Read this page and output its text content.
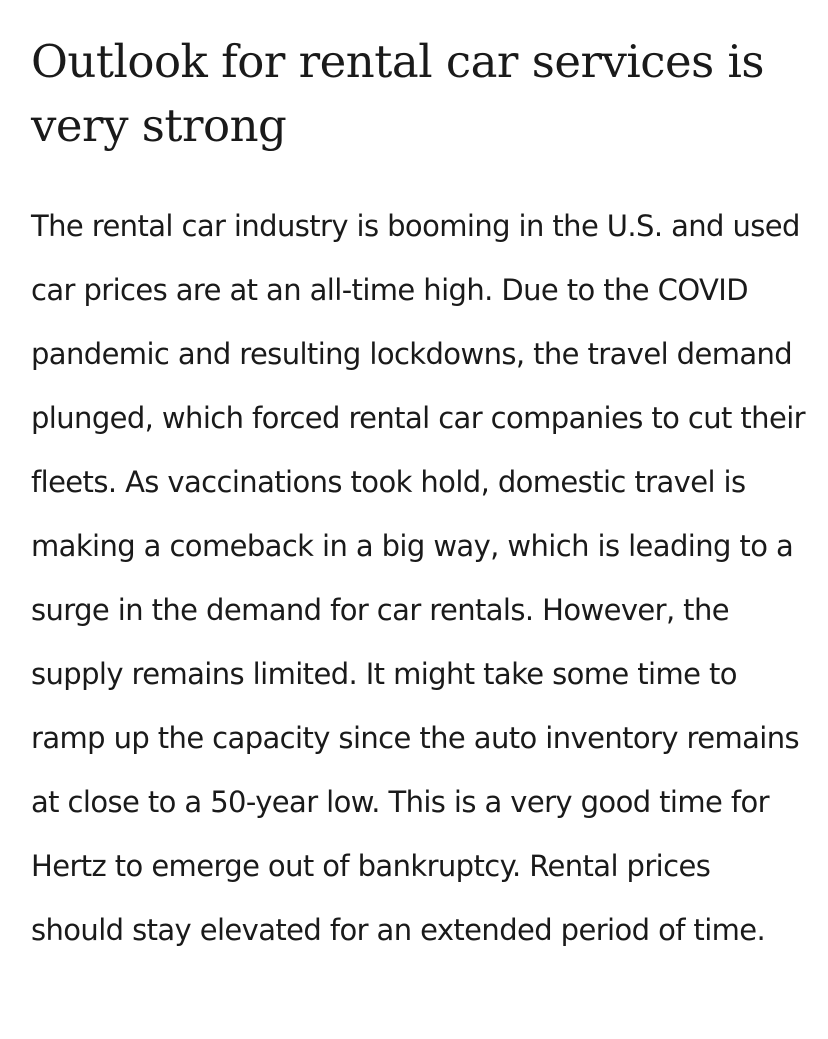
Outlook for rental car services is very strong

The rental car industry is booming in the U.S. and used car prices are at an all-time high. Due to the COVID pandemic and resulting lockdowns, the travel demand plunged, which forced rental car companies to cut their fleets. As vaccinations took hold, domestic travel is making a comeback in a big way, which is leading to a surge in the demand for car rentals. However, the supply remains limited. It might take some time to ramp up the capacity since the auto inventory remains at close to a 50-year low. This is a very good time for Hertz to emerge out of bankruptcy. Rental prices should stay elevated for an extended period of time.
